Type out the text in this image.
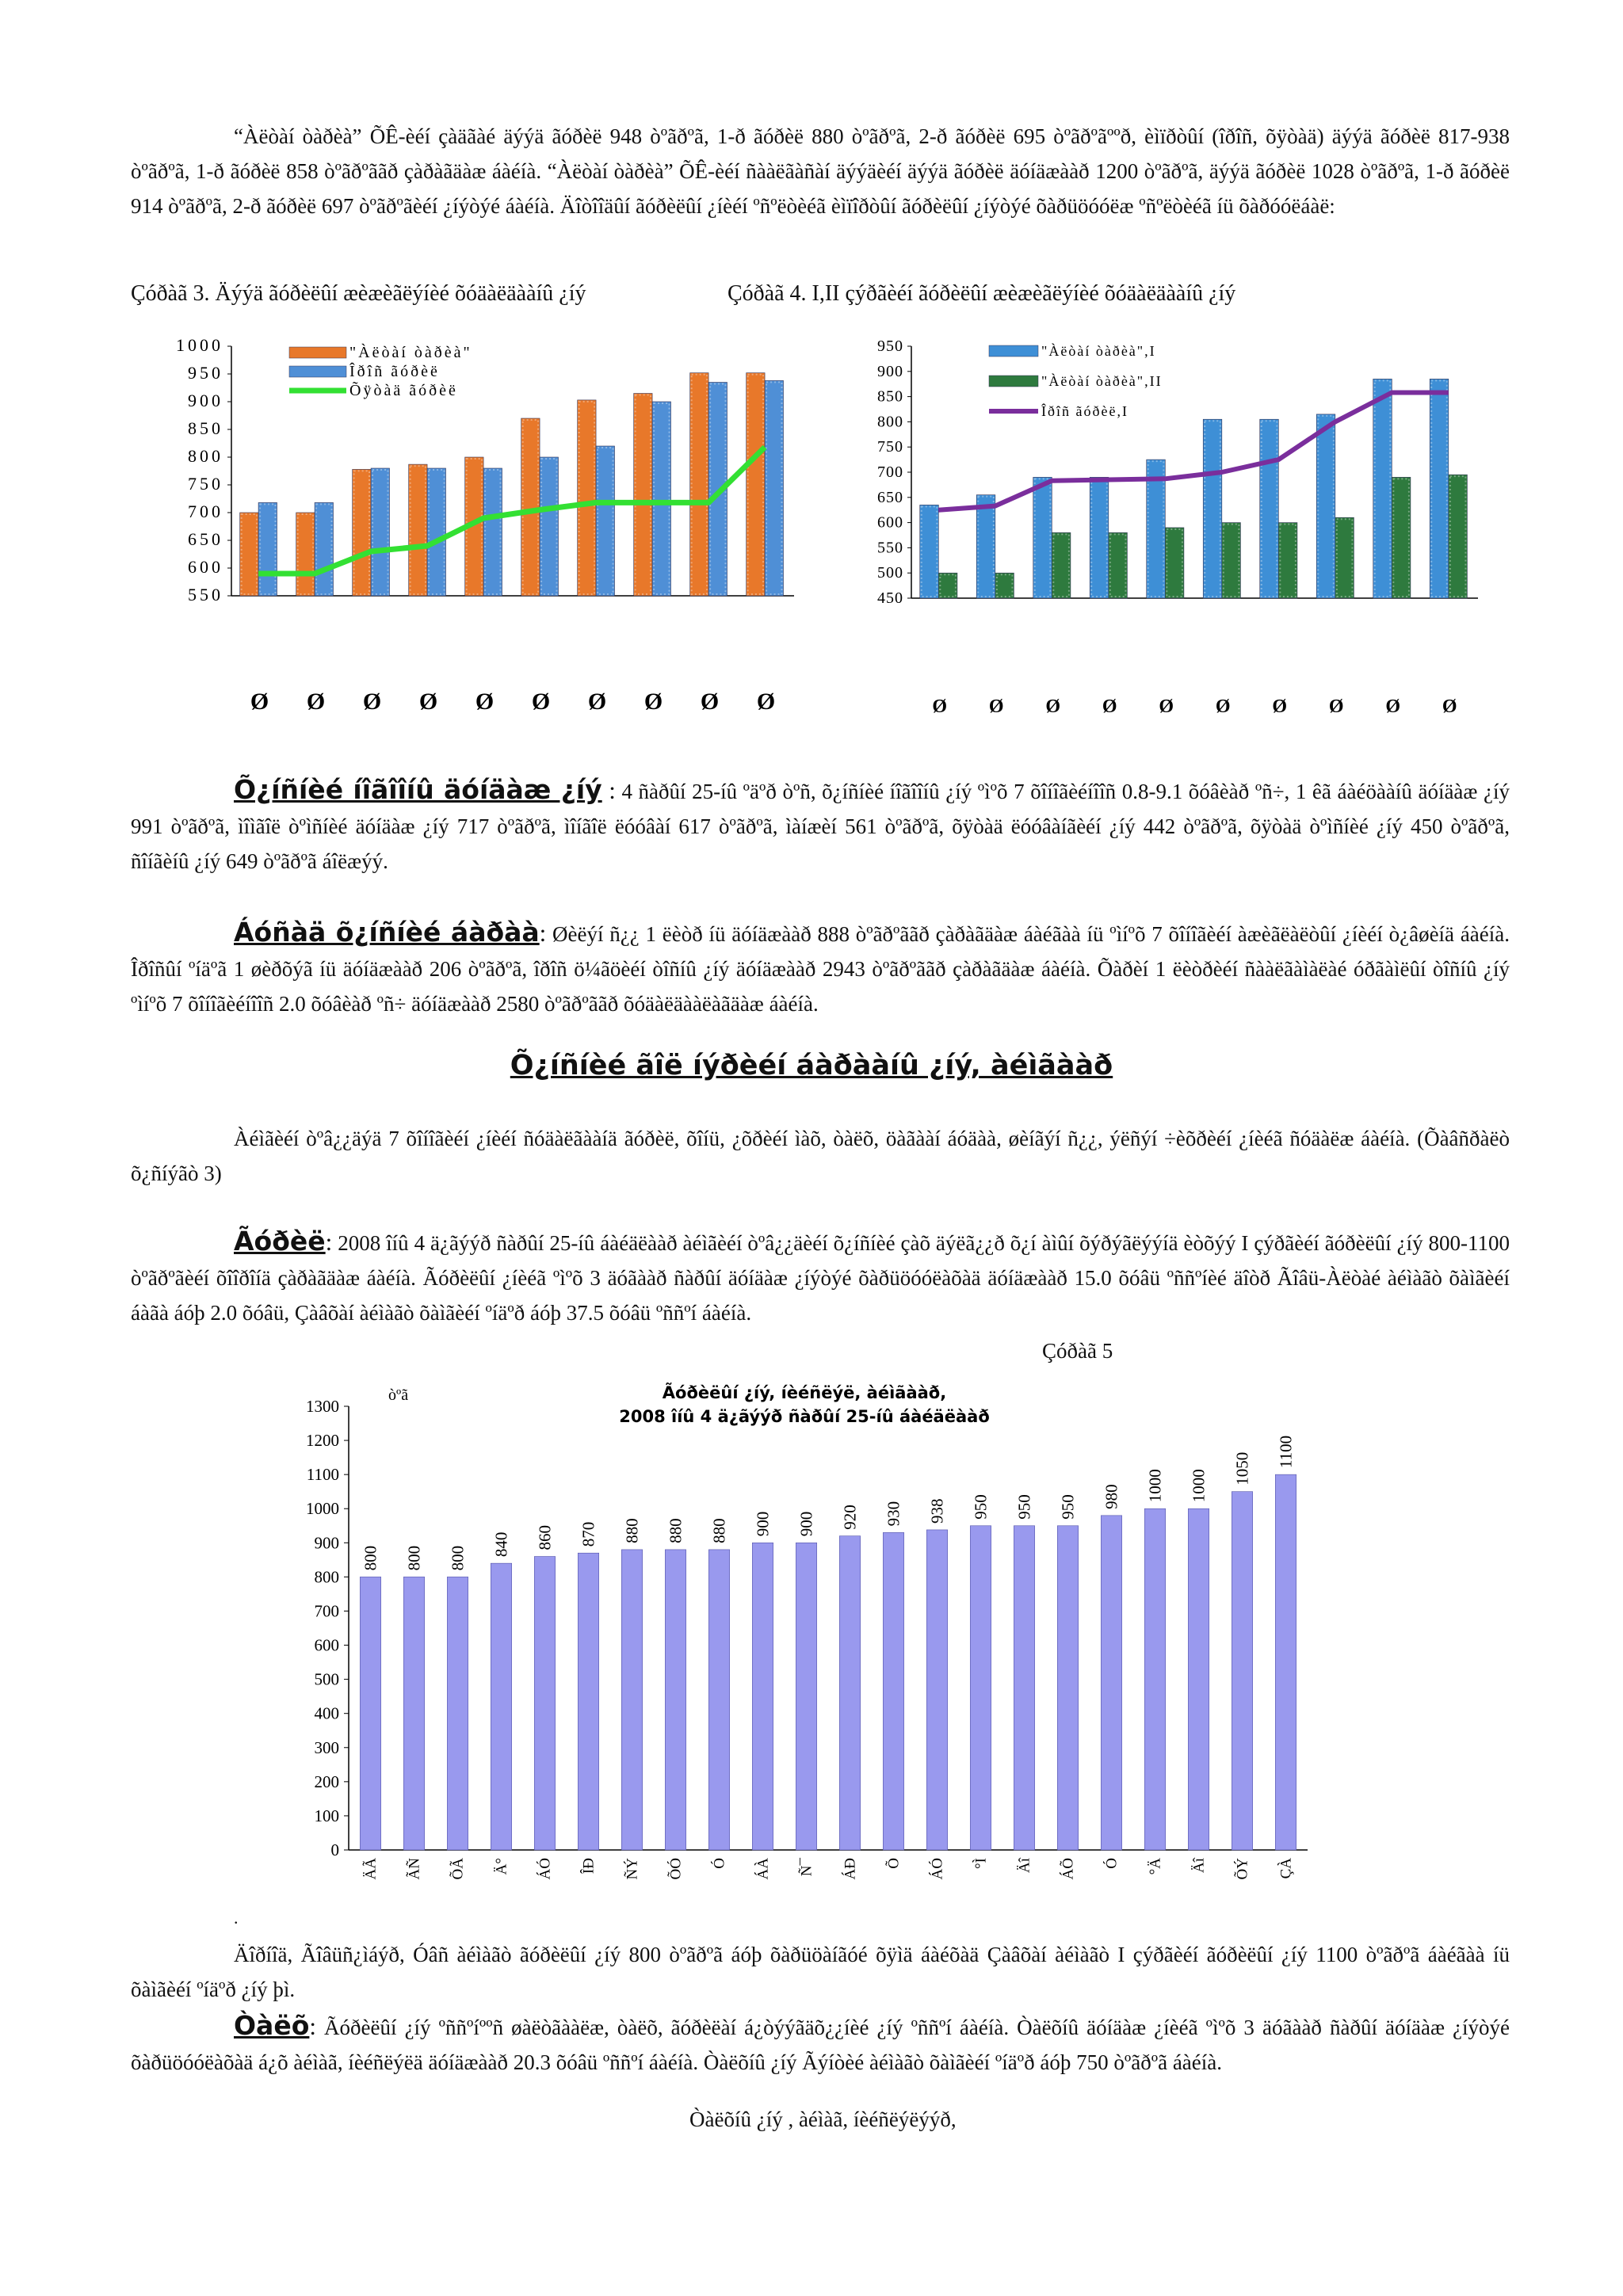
“Àëòàí òàðèà” ÕÊ-èéí çàäãàé äýýä ãóðèë 948 òºãðºã, 1-ð ãóðèë 880 òºãðºã, 2-ð ãóðèë 695 òºãðºãººð, èìïðòûí (îðîñ, õÿòàä) äýýä ãóðèë 817-938 òºãðºã, 1-ð ãóðèë 858 òºãðºããð çàðàãäàæ áàéíà. “Àëòàí òàðèà” ÕÊ-èéí ñààëãàñàí äýýäèéí äýýä ãóðèë äóíäæààð 1200 òºãðºã, äýýä ãóðèë 1028 òºãðºã, 1-ð ãóðèë 914 òºãðºã, 2-ð ãóðèë 697 òºãðºãèéí ¿íýòýé áàéíà. Äîòîîäûí ãóðèëûí ¿íèéí ºñºëòèéã èìïîðòûí ãóðèëûí ¿íýòýé õàðüöóóëæ ºñºëòèéã íü õàðóóëáàë:
Çóðàã 3. Äýýä ãóðèëûí æèæèãëýíèé õóäàëäààíû ¿íý
1000
950
900
850
800
750
700
650
600
550
Ø Ø Ø Ø Ø Ø Ø Ø Ø Ø
"Àëòàí òàðèà"
Îðîñ ãóðèë
Õÿòàä ãóðèë
Çóðàã 4. I,II çýðãèéí ãóðèëûí æèæèãëýíèé õóäàëäààíû ¿íý
950
900
850
800
750
700
650
600
550
500
450
Ø Ø Ø Ø Ø Ø Ø Ø Ø Ø
"Àëòàí òàðèà",I
"Àëòàí òàðèà",II
Îðîñ ãóðèë,I
Õ¿íñíèé íîãîîíû äóíäàæ ¿íý : 4 ñàðûí 25-íû ºäºð òºñ, õ¿íñíèé íîãîîíû ¿íý ºìºõ 7 õîíîãèéíîîñ 0.8-9.1 õóâèàð ºñ÷, 1 êã áàéöààíû äóíäàæ ¿íý 991 òºãðºã, ìîìãîë òºìñíèé äóíäàæ ¿íý 717 òºãðºã, ìîíãîë ëóóâàí 617 òºãðºã, ìàíæèí 561 òºãðºã, õÿòàä ëóóâàíãèéí ¿íý 442 òºãðºã, õÿòàä òºìñíèé ¿íý 450 òºãðºã, ñîíãèíû ¿íý 649 òºãðºã áîëæýý.
Áóñàä õ¿íñíèé áàðàà: Øèëýí ñ¿¿ 1 ëèòð íü äóíäæààð 888 òºãðºããð çàðàãäàæ áàéãàà íü ºìíºõ 7 õîíîãèéí àæèãëàëòûí ¿íèéí ò¿âøèíä áàéíà. Îðîñûí ºíäºã 1 øèðõýã íü äóíäæààð 206 òºãðºã, îðîñ ö¼ãöèéí òîñíû ¿íý äóíäæààð 2943 òºãðºããð çàðàãäàæ áàéíà. Õàðèí 1 ëèòðèéí ñààëãàìàëàé óðãàìëûí òîñíû ¿íý ºìíºõ 7 õîíîãèéíîîñ 2.0 õóâèàð ºñ÷ äóíäæààð 2580 òºãðºããð õóäàëäààëàãäàæ áàéíà.
Õ¿íñíèé ãîë íýðèéí áàðààíû ¿íý, àéìãààð
Àéìãèéí òºâ¿¿äýä 7 õîíîãèéí ¿íèéí ñóäàëãààíä ãóðèë, õîíü, ¿õðèéí ìàõ, òàëõ, öàãààí áóäàà, øèíãýí ñ¿¿, ýëñýí ÷èõðèéí ¿íèéã ñóäàëæ áàéíà. (Õàâñðàëò õ¿ñíýãò 3)
Ãóðèë: 2008 îíû 4 ä¿ãýýð ñàðûí 25-íû áàéäëààð àéìãèéí òºâ¿¿äèéí õ¿íñíèé çàõ äýëã¿¿ð õ¿í àìûí õýðýãëýýíä èòõýý I çýðãèéí ãóðèëûí ¿íý 800-1100 òºãðºãèéí õîîðîíä çàðàãäàæ áàéíà. Ãóðèëûí ¿íèéã ºìºõ 3 äóãààð ñàðûí äóíäàæ ¿íýòýé õàðüöóóëàõàä äóíäæààð 15.0 õóâü ºññºíèé äîòð Ãîâü-Àëòàé àéìàãò õàìãèéí áàãà áóþ 2.0 õóâü, Çàâõàí àéìàãò õàìãèéí ºíäºð áóþ 37.5 õóâü ºññºí áàéíà.
Çóðàã 5
0
100
200
300
400
500
600
700
800
900
1000
1100
1200
1300
òºã	Ãóðèëûí ¿íý, íèéñëýë, àéìãààð,
2008 îíû 4 ä¿ãýýð ñàðûí 25-íû áàéäëààð
800
ÄÃ
800
ÃÑ
800
ÕÃ
840
Ä°
860
ÁÓ
870
ÎÐ
880
ÑÝ
880
ÕÓ
880
Ó
900
ÁÀ
900
Ñ¯
920
ÁÐ
930
Õ
938
ÁÓ
950
°Ì
950
Äî
950
ÁÕ
980
Ó
1000
°Ä
1000
Äî
1050
ÕÝ
1100
ÇÀ
.
Äîðíîä, Ãîâüñ¿ìáýð, Óâñ àéìàãò ãóðèëûí ¿íý 800 òºãðºã áóþ õàðüöàíãóé õÿìä áàéõàä Çàâõàí àéìàãò I çýðãèéí ãóðèëûí ¿íý 1100 òºãðºã áàéãàà íü õàìãèéí ºíäºð ¿íý þì.
Òàëõ: Ãóðèëûí ¿íý ºññºíººñ øàëòãààëæ, òàëõ, ãóðèëàí á¿òýýãäõ¿¿íèé ¿íý ºññºí áàéíà. Òàëõíû äóíäàæ ¿íèéã ºìºõ 3 äóãààð ñàðûí äóíäàæ ¿íýòýé õàðüöóóëàõàä á¿õ àéìàã, íèéñëýëä äóíäæààð 20.3 õóâü ºññºí áàéíà. Òàëõíû ¿íý Ãýíòèé àéìàãò õàìãèéí ºíäºð áóþ 750 òºãðºã áàéíà.
Òàëõíû ¿íý , àéìàã, íèéñëýëýýð,
